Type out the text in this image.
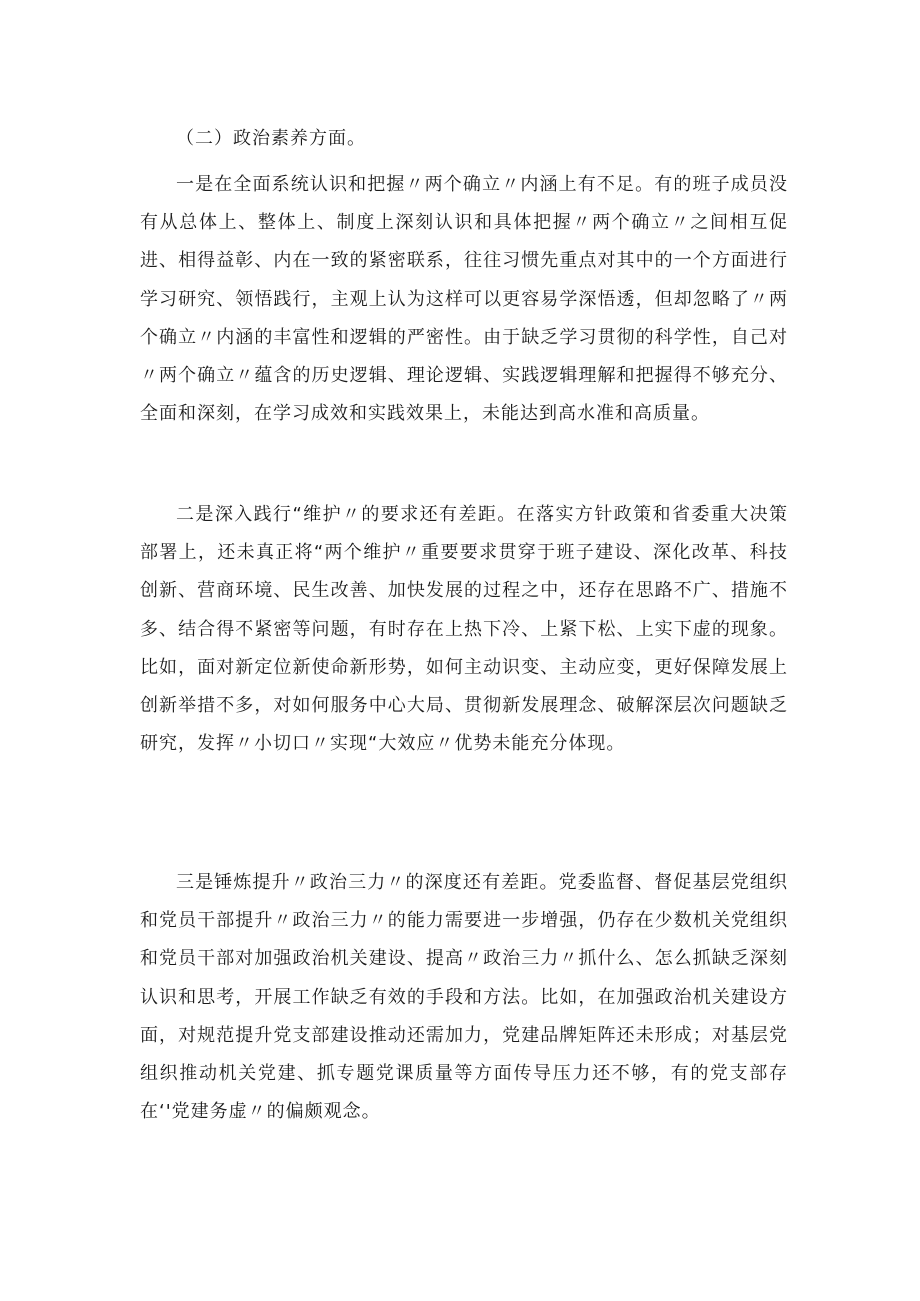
（二）政治素养方面。

一是在全面系统认识和把握〃两个确立〃内涵上有不足。有的班子成员没有从总体上、整体上、制度上深刻认识和具体把握〃两个确立〃之间相互促进、相得益彰、内在一致的紧密联系，往往习惯先重点对其中的一个方面进行学习研究、领悟践行，主观上认为这样可以更容易学深悟透，但却忽略了〃两个确立〃内涵的丰富性和逻辑的严密性。由于缺乏学习贯彻的科学性，自己对〃两个确立〃蕴含的历史逻辑、理论逻辑、实践逻辑理解和把握得不够充分、全面和深刻，在学习成效和实践效果上，未能达到高水准和高质量。

二是深入践行“维护〃的要求还有差距。在落实方针政策和省委重大决策部署上，还未真正将“两个维护〃重要要求贯穿于班子建设、深化改革、科技创新、营商环境、民生改善、加快发展的过程之中，还存在思路不广、措施不多、结合得不紧密等问题，有时存在上热下冷、上紧下松、上实下虚的现象。比如，面对新定位新使命新形势，如何主动识变、主动应变，更好保障发展上创新举措不多，对如何服务中心大局、贯彻新发展理念、破解深层次问题缺乏研究，发挥〃小切口〃实现“大效应〃优势未能充分体现。

三是锤炼提升〃政治三力〃的深度还有差距。党委监督、督促基层党组织和党员干部提升〃政治三力〃的能力需要进一步增强，仍存在少数机关党组织和党员干部对加强政治机关建设、提高〃政治三力〃抓什么、怎么抓缺乏深刻认识和思考，开展工作缺乏有效的手段和方法。比如，在加强政治机关建设方面，对规范提升党支部建设推动还需加力，党建品牌矩阵还未形成；对基层党组织推动机关党建、抓专题党课质量等方面传导压力还不够，有的党支部存在‘'党建务虚〃的偏颇观念。
